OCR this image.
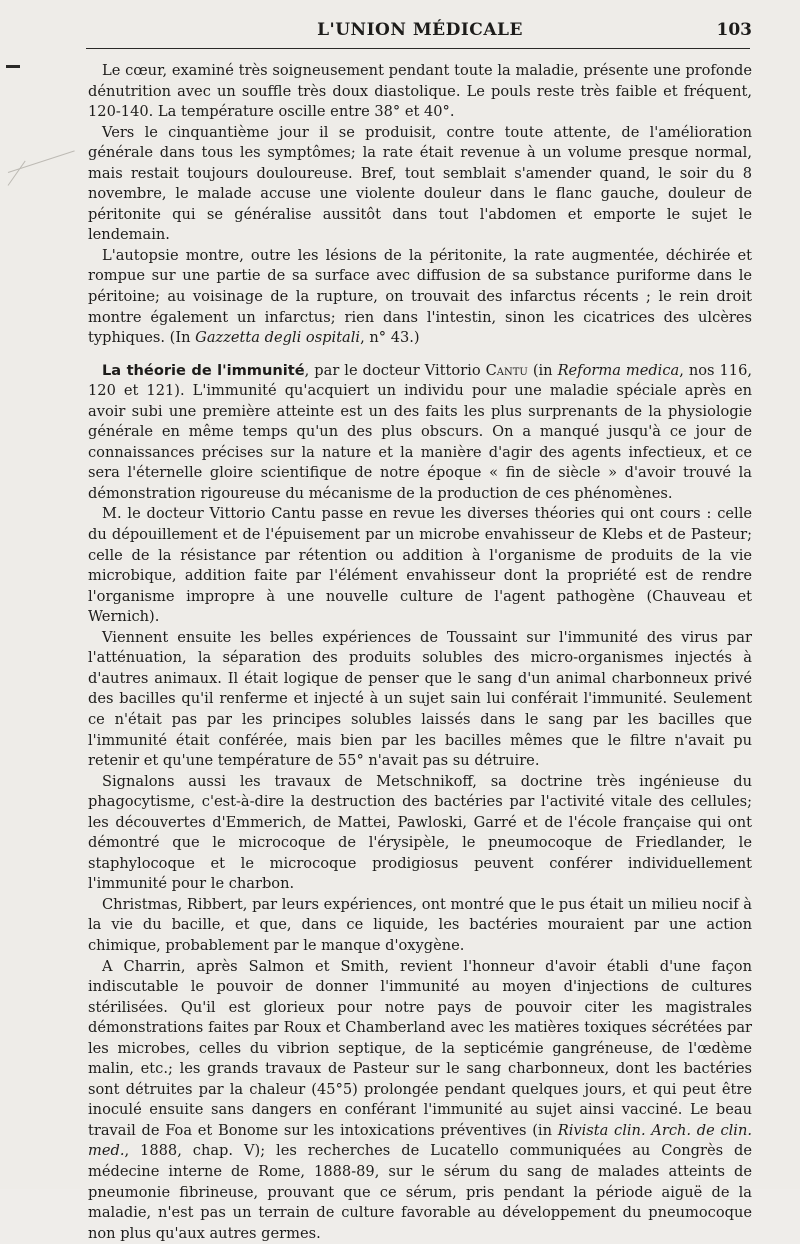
L'UNION MÉDICALE	103

Le cœur, examiné très soigneusement pendant toute la maladie, présente une profonde dénutrition avec un souffle très doux diastolique. Le pouls reste très faible et fréquent, 120-140. La température oscille entre 38° et 40°.

Vers le cinquantième jour il se produisit, contre toute attente, de l'amélioration générale dans tous les symptômes; la rate était revenue à un volume presque normal, mais restait toujours douloureuse. Bref, tout semblait s'amender quand, le soir du 8 novembre, le malade accuse une violente douleur dans le flanc gauche, douleur de péritonite qui se généralise aussitôt dans tout l'abdomen et emporte le sujet le lendemain.

L'autopsie montre, outre les lésions de la péritonite, la rate augmentée, déchirée et rompue sur une partie de sa surface avec diffusion de sa substance puriforme dans le péritoine; au voisinage de la rupture, on trouvait des infarctus récents ; le rein droit montre également un infarctus; rien dans l'intestin, sinon les cicatrices des ulcères typhiques. (In Gazzetta degli ospitali, n° 43.)

La théorie de l'immunité, par le docteur Vittorio Cantu (in Reforma medica, nos 116, 120 et 121). L'immunité qu'acquiert un individu pour une maladie spéciale après en avoir subi une première atteinte est un des faits les plus surprenants de la physiologie générale en même temps qu'un des plus obscurs. On a manqué jusqu'à ce jour de connaissances précises sur la nature et la manière d'agir des agents infectieux, et ce sera l'éternelle gloire scientifique de notre époque « fin de siècle » d'avoir trouvé la démonstration rigoureuse du mécanisme de la production de ces phénomènes.

M. le docteur Vittorio Cantu passe en revue les diverses théories qui ont cours : celle du dépouillement et de l'épuisement par un microbe envahisseur de Klebs et de Pasteur; celle de la résistance par rétention ou addition à l'organisme de produits de la vie microbique, addition faite par l'élément envahisseur dont la propriété est de rendre l'organisme impropre à une nouvelle culture de l'agent pathogène (Chauveau et Wernich).

Viennent ensuite les belles expériences de Toussaint sur l'immunité des virus par l'atténuation, la séparation des produits solubles des micro-organismes injectés à d'autres animaux. Il était logique de penser que le sang d'un animal charbonneux privé des bacilles qu'il renferme et injecté à un sujet sain lui conférait l'immunité. Seulement ce n'était pas par les principes solubles laissés dans le sang par les bacilles que l'immunité était conférée, mais bien par les bacilles mêmes que le filtre n'avait pu retenir et qu'une température de 55° n'avait pas su détruire.

Signalons aussi les travaux de Metschnikoff, sa doctrine très ingénieuse du phagocytisme, c'est-à-dire la destruction des bactéries par l'activité vitale des cellules; les découvertes d'Emmerich, de Mattei, Pawloski, Garré et de l'école française qui ont démontré que le microcoque de l'érysipèle, le pneumocoque de Friedlander, le staphylocoque et le microcoque prodigiosus peuvent conférer individuellement l'immunité pour le charbon.

Christmas, Ribbert, par leurs expériences, ont montré que le pus était un milieu nocif à la vie du bacille, et que, dans ce liquide, les bactéries mouraient par une action chimique, probablement par le manque d'oxygène.

A Charrin, après Salmon et Smith, revient l'honneur d'avoir établi d'une façon indiscutable le pouvoir de donner l'immunité au moyen d'injections de cultures stérilisées. Qu'il est glorieux pour notre pays de pouvoir citer les magistrales démonstrations faites par Roux et Chamberland avec les matières toxiques sécrétées par les microbes, celles du vibrion septique, de la septicémie gangréneuse, de l'œdème malin, etc.; les grands travaux de Pasteur sur le sang charbonneux, dont les bactéries sont détruites par la chaleur (45°5) prolongée pendant quelques jours, et qui peut être inoculé ensuite sans dangers en conférant l'immunité au sujet ainsi vacciné. Le beau travail de Foa et Bonome sur les intoxications préventives (in Rivista clin. Arch. de clin. med., 1888, chap. V); les recherches de Lucatello communiquées au Congrès de médecine interne de Rome, 1888-89, sur le sérum du sang de malades atteints de pneumonie fibrineuse, prouvant que ce sérum, pris pendant la période aiguë de la maladie, n'est pas un terrain de culture favorable au développement du pneumocoque non plus qu'aux autres germes.
